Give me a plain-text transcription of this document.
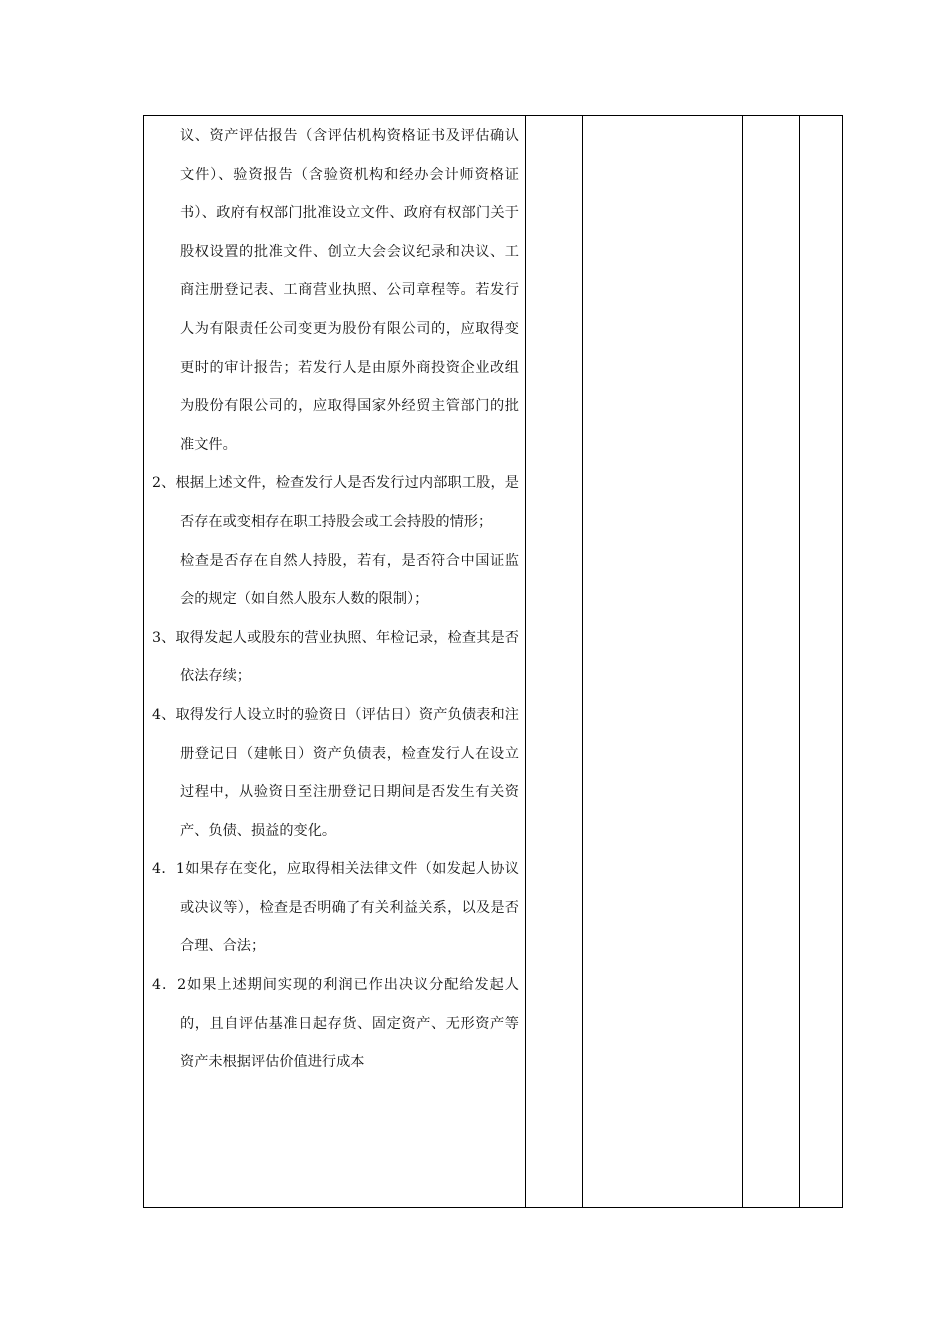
议、资产评估报告（含评估机构资格证书及评估确认文件）、验资报告（含验资机构和经办会计师资格证书）、政府有权部门批准设立文件、政府有权部门关于股权设置的批准文件、创立大会会议纪录和决议、工商注册登记表、工商营业执照、公司章程等。若发行人为有限责任公司变更为股份有限公司的，应取得变更时的审计报告；若发行人是由原外商投资企业改组为股份有限公司的，应取得国家外经贸主管部门的批准文件。

2、根据上述文件，检查发行人是否发行过内部职工股，是否存在或变相存在职工持股会或工会持股的情形；

检查是否存在自然人持股，若有，是否符合中国证监会的规定（如自然人股东人数的限制）；

3、取得发起人或股东的营业执照、年检记录，检查其是否依法存续；

4、取得发行人设立时的验资日（评估日）资产负债表和注册登记日（建帐日）资产负债表，检查发行人在设立过程中，从验资日至注册登记日期间是否发生有关资产、负债、损益的变化。

4．1如果存在变化，应取得相关法律文件（如发起人协议或决议等），检查是否明确了有关利益关系，以及是否合理、合法；

4．2如果上述期间实现的利润已作出决议分配给发起人的，且自评估基准日起存货、固定资产、无形资产等资产未根据评估价值进行成本
